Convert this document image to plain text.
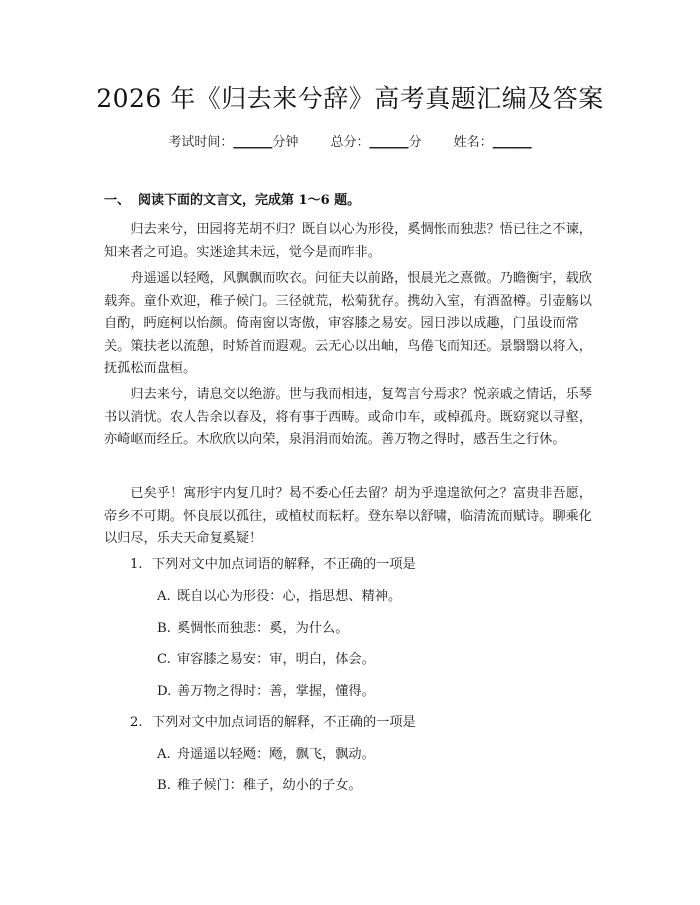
2026 年《归去来兮辞》高考真题汇编及答案
考试时间：______分钟 总分：______分 姓名：______
一、 阅读下面的文言文，完成第 1～6 题。

归去来兮，田园将芜胡不归？既自以心为形役，奚惆怅而独悲？悟已往之不谏，知来者之可追。实迷途其未远，觉今是而昨非。

舟遥遥以轻飏，风飘飘而吹衣。问征夫以前路，恨晨光之熹微。乃瞻衡宇，载欣载奔。童仆欢迎，稚子候门。三径就荒，松菊犹存。携幼入室，有酒盈樽。引壶觞以自酌，眄庭柯以怡颜。倚南窗以寄傲，审容膝之易安。园日涉以成趣，门虽设而常关。策扶老以流憩，时矫首而遐观。云无心以出岫，鸟倦飞而知还。景翳翳以将入，抚孤松而盘桓。

归去来兮，请息交以绝游。世与我而相违，复驾言兮焉求？悦亲戚之情话，乐琴书以消忧。农人告余以春及，将有事于西畴。或命巾车，或棹孤舟。既窈窕以寻壑，亦崎岖而经丘。木欣欣以向荣，泉涓涓而始流。善万物之得时，感吾生之行休。

已矣乎！寓形宇内复几时？曷不委心任去留？胡为乎遑遑欲何之？富贵非吾愿，帝乡不可期。怀良辰以孤往，或植杖而耘耔。登东皋以舒啸，临清流而赋诗。聊乘化以归尽，乐夫天命复奚疑！

1. 下列对文中加点词语的解释，不正确的一项是
A. 既自以心为形役：心，指思想、精神。
B. 奚惆怅而独悲：奚，为什么。
C. 审容膝之易安：审，明白，体会。
D. 善万物之得时：善，掌握，懂得。
2. 下列对文中加点词语的解释，不正确的一项是
A. 舟遥遥以轻飏：飏，飘飞，飘动。
B. 稚子候门：稚子，幼小的子女。
